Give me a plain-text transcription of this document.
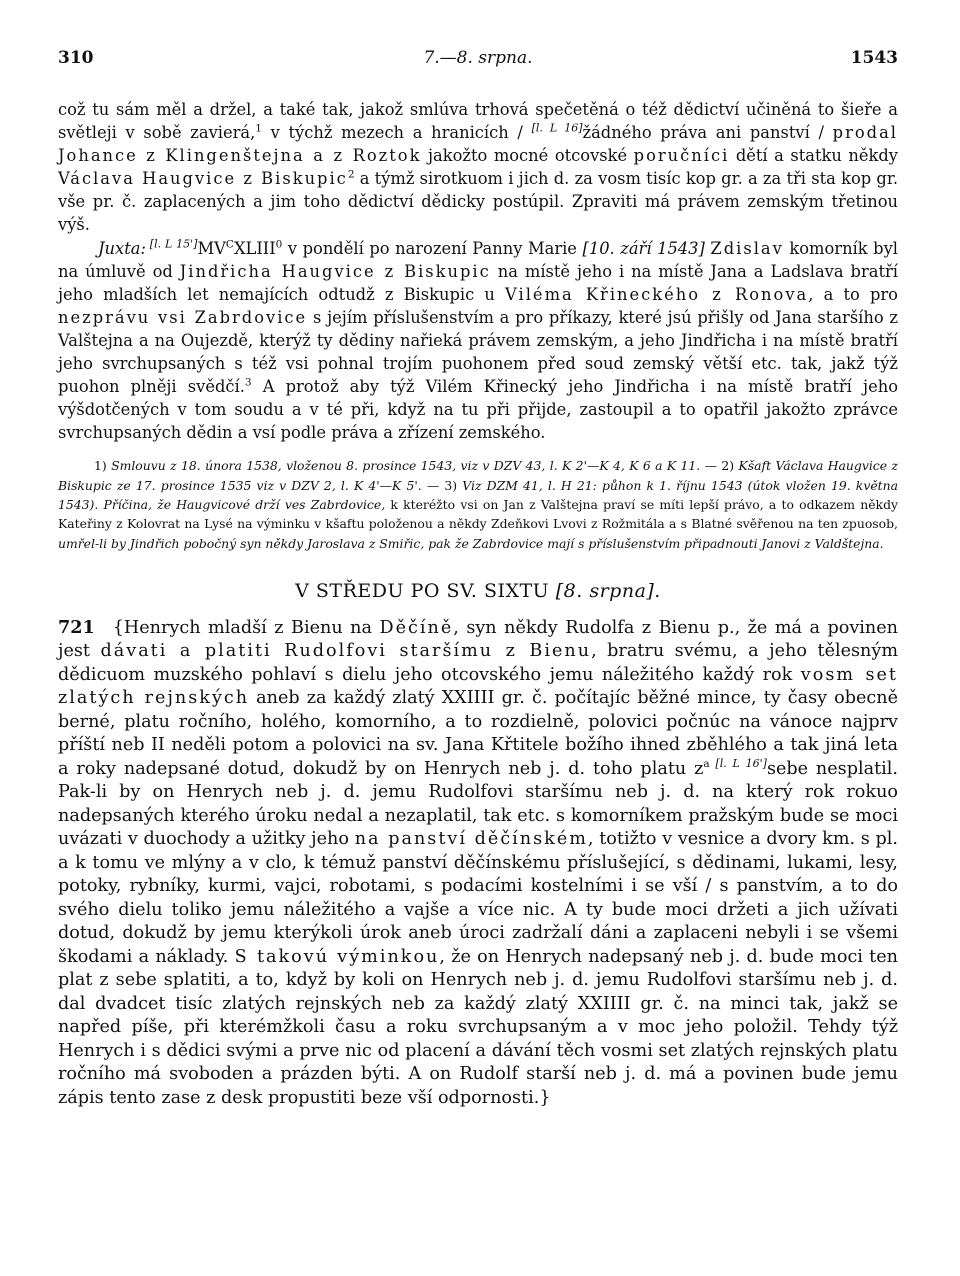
310	7.—8. srpna.	1543

což tu sám měl a držel, a také tak, jakož smlúva trhová spečetěná o též dědictví učiněná to šieře a světleji v sobě zavierá,$^1$ v týchž mezech a hranicích / [l. L 16]žádného práva ani panství / prodal Johance z Klingenštejna a z Roztok jakožto mocné otcovské poručníci dětí a statku někdy Václava Haugvice z Biskupic$^2$ a týmž sirotkuom i jich d. za vosm tisíc kop gr. a za tři sta kop gr. vše pr. č. zaplacených a jim toho dědictví dědicky postúpil. Zpraviti má právem zemským třetinou výš.

Juxta: [l. L 15']MV$^C$XLIII$^0$ v pondělí po narození Panny Marie [10. září 1543] Zdislav komorník byl na úmluvě od Jindřicha Haugvice z Biskupic na místě jeho i na místě Jana a Ladslava bratří jeho mladších let nemajících odtudž z Biskupic u Viléma Křineckého z Ronova, a to pro nezprávu vsi Zabrdovice s jejím příslušenstvím a pro příkazy, které jsú přišly od Jana staršího z Valštejna a na Oujezdě, kterýž ty dědiny nařieká právem zemským, a jeho Jindřicha i na místě bratří jeho svrchupsaných s též vsi pohnal trojím puohonem před soud zemský větší etc. tak, jakž týž puohon plněji svědčí.$^3$ A protož aby týž Vilém Křinecký jeho Jindřicha i na místě bratří jeho výšdotčených v tom soudu a v té při, když na tu při přijde, zastoupil a to opatřil jakožto zprávce svrchupsaných dědin a vsí podle práva a zřízení zemského.

1) Smlouvu z 18. února 1538, vloženou 8. prosince 1543, viz v DZV 43, l. K 2'—K 4, K 6 a K 11. — 2) Kšaft Václava Haugvice z Biskupic ze 17. prosince 1535 viz v DZV 2, l. K 4'—K 5'. — 3) Viz DZM 41, l. H 21: půhon k 1. říjnu 1543 (útok vložen 19. května 1543). Příčina, že Haugvicové drží ves Zabrdovice, k kteréžto vsi on Jan z Valštejna praví se míti lepší právo, a to odkazem někdy Kateřiny z Kolovrat na Lysé na výminku v kšaftu položenou a někdy Zdeňkovi Lvovi z Rožmitála a s Blatné svěřenou na ten zpuosob, umřel-li by Jindřich pobočný syn někdy Jaroslava z Smiřic, pak že Zabrdovice mají s příslušenstvím připadnouti Janovi z Valdštejna.

V STŘEDU PO SV. SIXTU [8. srpna].

721 {Henrych mladší z Bienu na Děčíně, syn někdy Rudolfa z Bienu p., že má a povinen jest dávati a platiti Rudolfovi staršímu z Bienu, bratru svému, a jeho tělesným dědicuom muzského pohlaví s dielu jeho otcovského jemu náležitého každý rok vosm set zlatých rejnských aneb za každý zlatý XXIIII gr. č. počítajíc běžné mince, ty časy obecně berné, platu ročního, holého, komorního, a to rozdielně, polovici počnúc na vánoce najprv příští neb II neděli potom a polovici na sv. Jana Křtitele božího ihned zběhlého a tak jiná leta a roky nadepsané dotud, dokudž by on Henrych neb j. d. toho platu z$^a$ [l. L 16']sebe nesplatil. Pak-li by on Henrych neb j. d. jemu Rudolfovi staršímu neb j. d. na který rok rokuo nadepsaných kterého úroku nedal a nezaplatil, tak etc. s komorníkem pražským bude se moci uvázati v duochody a užitky jeho na panství děčínském, totižto v vesnice a dvory km. s pl. a k tomu ve mlýny a v clo, k témuž panství děčínskému příslušející, s dědinami, lukami, lesy, potoky, rybníky, kurmi, vajci, robotami, s podacími kostelními i se vší / s panstvím, a to do svého dielu toliko jemu náležitého a vajše a více nic. A ty bude moci držeti a jich užívati dotud, dokudž by jemu kterýkoli úrok aneb úroci zadržalí dáni a zaplaceni nebyli i se všemi škodami a náklady. S takovú výminkou, že on Henrych nadepsaný neb j. d. bude moci ten plat z sebe splatiti, a to, když by koli on Henrych neb j. d. jemu Rudolfovi staršímu neb j. d. dal dvadcet tisíc zlatých rejnských neb za každý zlatý XXIIII gr. č. na minci tak, jakž se napřed píše, při kterémžkoli času a roku svrchupsaným a v moc jeho položil. Tehdy týž Henrych i s dědici svými a prve nic od placení a dávání těch vosmi set zlatých rejnských platu ročního má svoboden a prázden býti. A on Rudolf starší neb j. d. má a povinen bude jemu zápis tento zase z desk propustiti beze vší odpornosti.}
